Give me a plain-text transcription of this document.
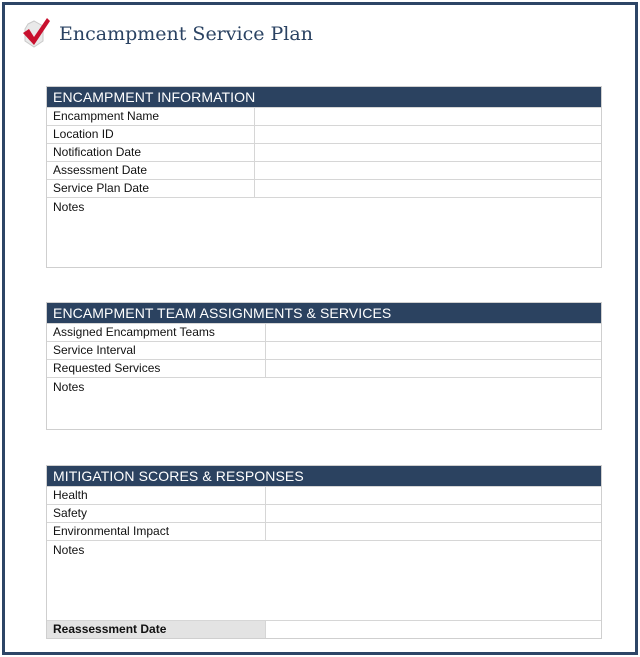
Encampment Service Plan
ENCAMPMENT INFORMATION
Encampment Name
Location ID
Notification Date
Assessment Date
Service Plan Date
Notes
ENCAMPMENT TEAM ASSIGNMENTS & SERVICES
Assigned Encampment Teams
Service Interval
Requested Services
Notes
MITIGATION SCORES & RESPONSES
Health
Safety
Environmental Impact
Notes
Reassessment Date
